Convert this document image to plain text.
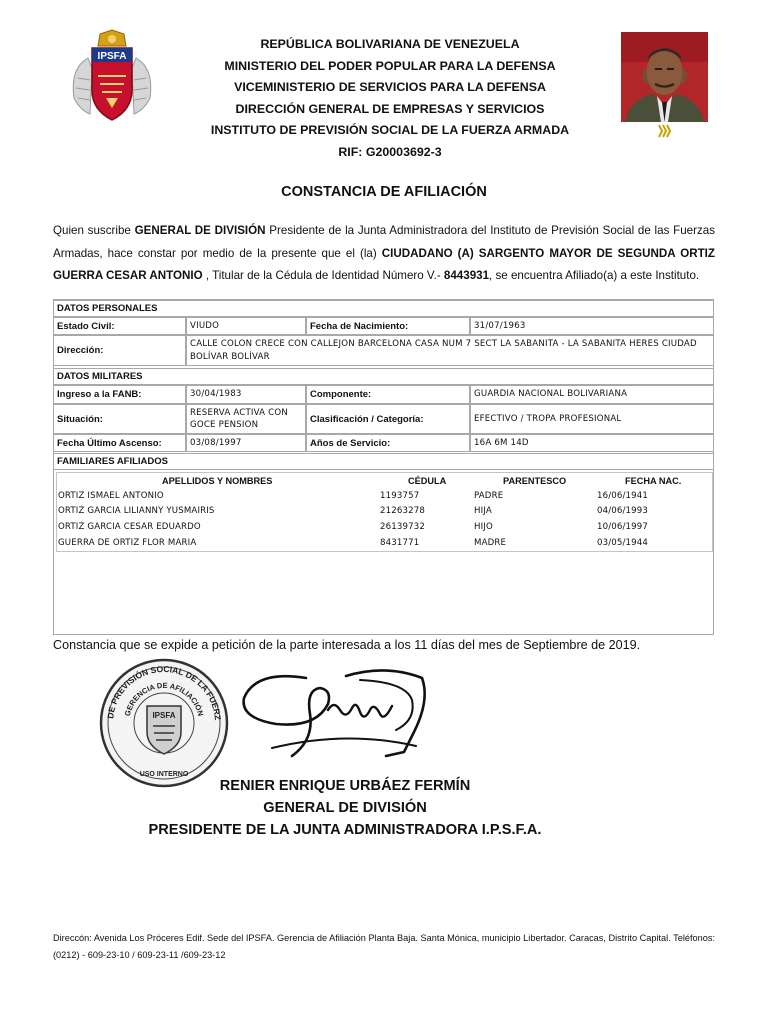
IPSFA
REPÚBLICA BOLIVARIANA DE VENEZUELA
MINISTERIO DEL PODER POPULAR PARA LA DEFENSA
VICEMINISTERIO DE SERVICIOS PARA LA DEFENSA
DIRECCIÓN GENERAL DE EMPRESAS Y SERVICIOS
INSTITUTO DE PREVISIÓN SOCIAL DE LA FUERZA ARMADA
RIF: G20003692-3
CONSTANCIA DE AFILIACIÓN
Quien suscribe GENERAL DE DIVISIÓN Presidente de la Junta Administradora del Instituto de Previsión Social de las Fuerzas Armadas, hace constar por medio de la presente que el (la) CIUDADANO (A) SARGENTO MAYOR DE SEGUNDA ORTIZ GUERRA CESAR ANTONIO , Titular de la Cédula de Identidad Número V.- 8443931, se encuentra Afiliado(a) a este Instituto.
DATOS PERSONALES
Estado Civil:	VIUDO	Fecha de Nacimiento:	31/07/1963
Dirección:
CALLE COLON CRECE CON CALLEJON BARCELONA CASA NUM 7 SECT LA SABANITA - LA SABANITA HERES CIUDAD BOLÍVAR BOLÍVAR
DATOS MILITARES
Ingreso a la FANB:	30/04/1983	Componente:	GUARDIA NACIONAL BOLIVARIANA
Situación:
RESERVA ACTIVA CON GOCE PENSION
Clasificación / Categoría:	EFECTIVO / TROPA PROFESIONAL
Fecha Último Ascenso:	03/08/1997	Años de Servicio:	16A 6M 14D
FAMILIARES AFILIADOS
APELLIDOS Y NOMBRES	CÉDULA	PARENTESCO	FECHA NAC.
ORTIZ ISMAEL ANTONIO	1193757	PADRE	16/06/1941
ORTIZ GARCIA LILIANNY YUSMAIRIS	21263278	HIJA	04/06/1993
ORTIZ GARCIA CESAR EDUARDO	26139732	HIJO	10/06/1997
GUERRA DE ORTIZ FLOR MARIA	8431771	MADRE	03/05/1944
Constancia que se expide a petición de la parte interesada a los 11 días del mes de Septiembre de 2019.
DE PREVISIÓN SOCIAL DE LA FUERZ
GERENCIA DE AFILIACIÓN
IPSFA
USO INTERNO
RENIER ENRIQUE URBÁEZ FERMÍN
GENERAL DE DIVISIÓN
PRESIDENTE DE LA JUNTA ADMINISTRADORA I.P.S.F.A.
Direccón: Avenida Los Próceres Edif. Sede del IPSFA. Gerencia de Afiliación Planta Baja. Santa Mónica, municipio Libertador. Caracas, Distrito Capital. Teléfonos: (0212) - 609-23-10 / 609-23-11 /609-23-12
